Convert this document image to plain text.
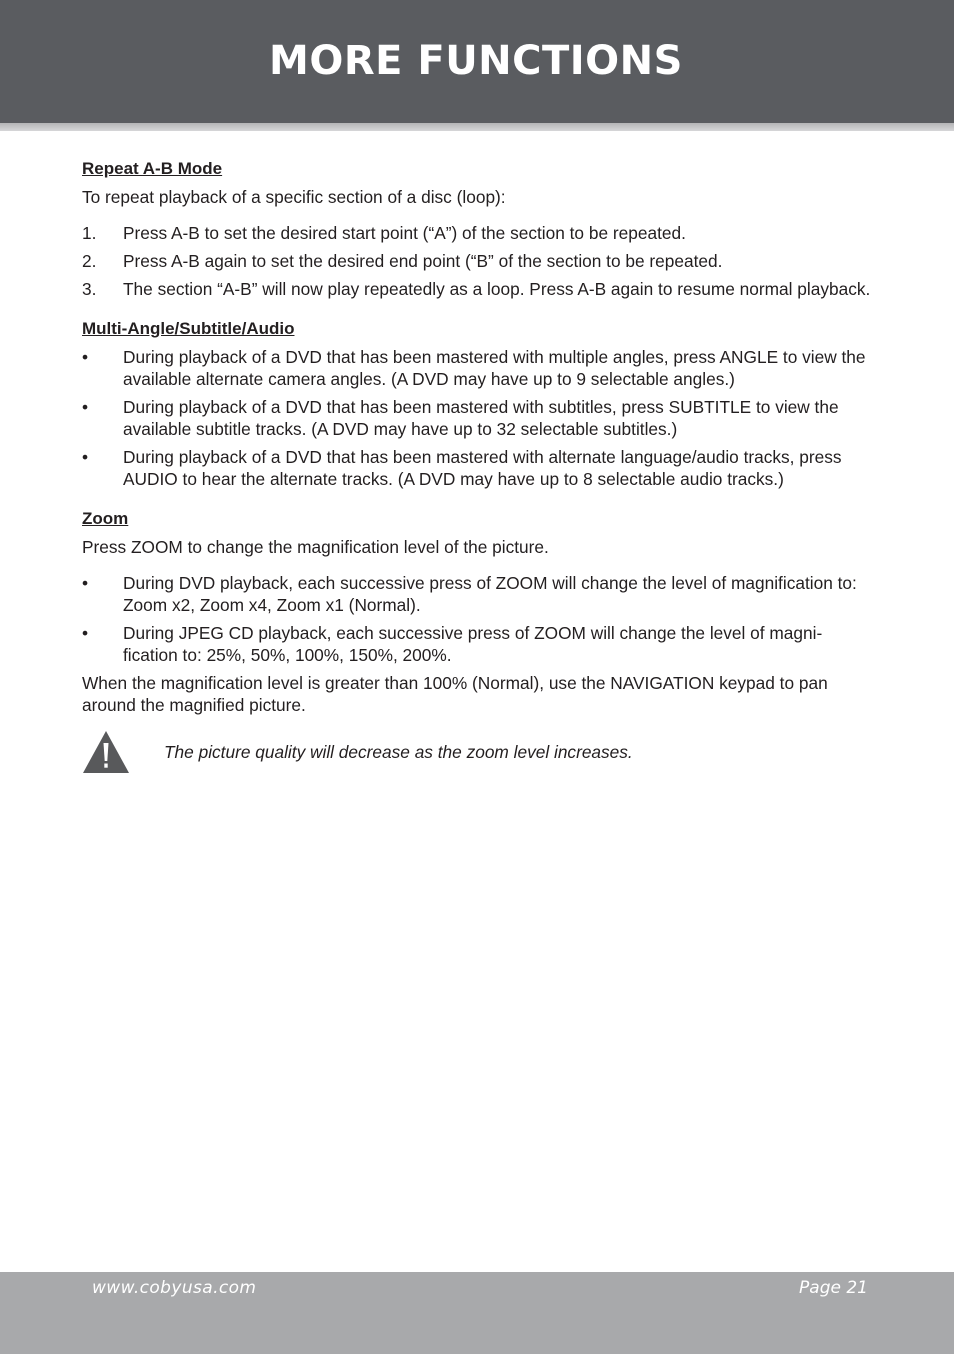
MORE FUNCTIONS
Repeat A-B Mode

To repeat playback of a specific section of a disc (loop):

1. Press A-B to set the desired start point (“A”) of the section to be repeated.
2. Press A-B again to set the desired end point (“B” of the section to be repeated.
3. The section “A-B” will now play repeatedly as a loop. Press A-B again to resume normal playback.
Multi-Angle/Subtitle/Audio
• During playback of a DVD that has been mastered with multiple angles, press ANGLE to view the available alternate camera angles. (A DVD may have up to 9 selectable angles.)
• During playback of a DVD that has been mastered with subtitles, press SUBTITLE to view the available subtitle tracks. (A DVD may have up to 32 selectable subtitles.)
• During playback of a DVD that has been mastered with alternate language/audio tracks, press AUDIO to hear the alternate tracks. (A DVD may have up to 8 selectable audio tracks.)
Zoom

Press ZOOM to change the magnification level of the picture.

• During DVD playback, each successive press of ZOOM will change the level of magnification to: Zoom x2, Zoom x4, Zoom x1 (Normal).
• During JPEG CD playback, each successive press of ZOOM will change the level of magni-fication to: 25%, 50%, 100%, 150%, 200%.

When the magnification level is greater than 100% (Normal), use the NAVIGATION keypad to pan around the magnified picture.

The picture quality will decrease as the zoom level increases.
www.cobyusa.com	Page 21
